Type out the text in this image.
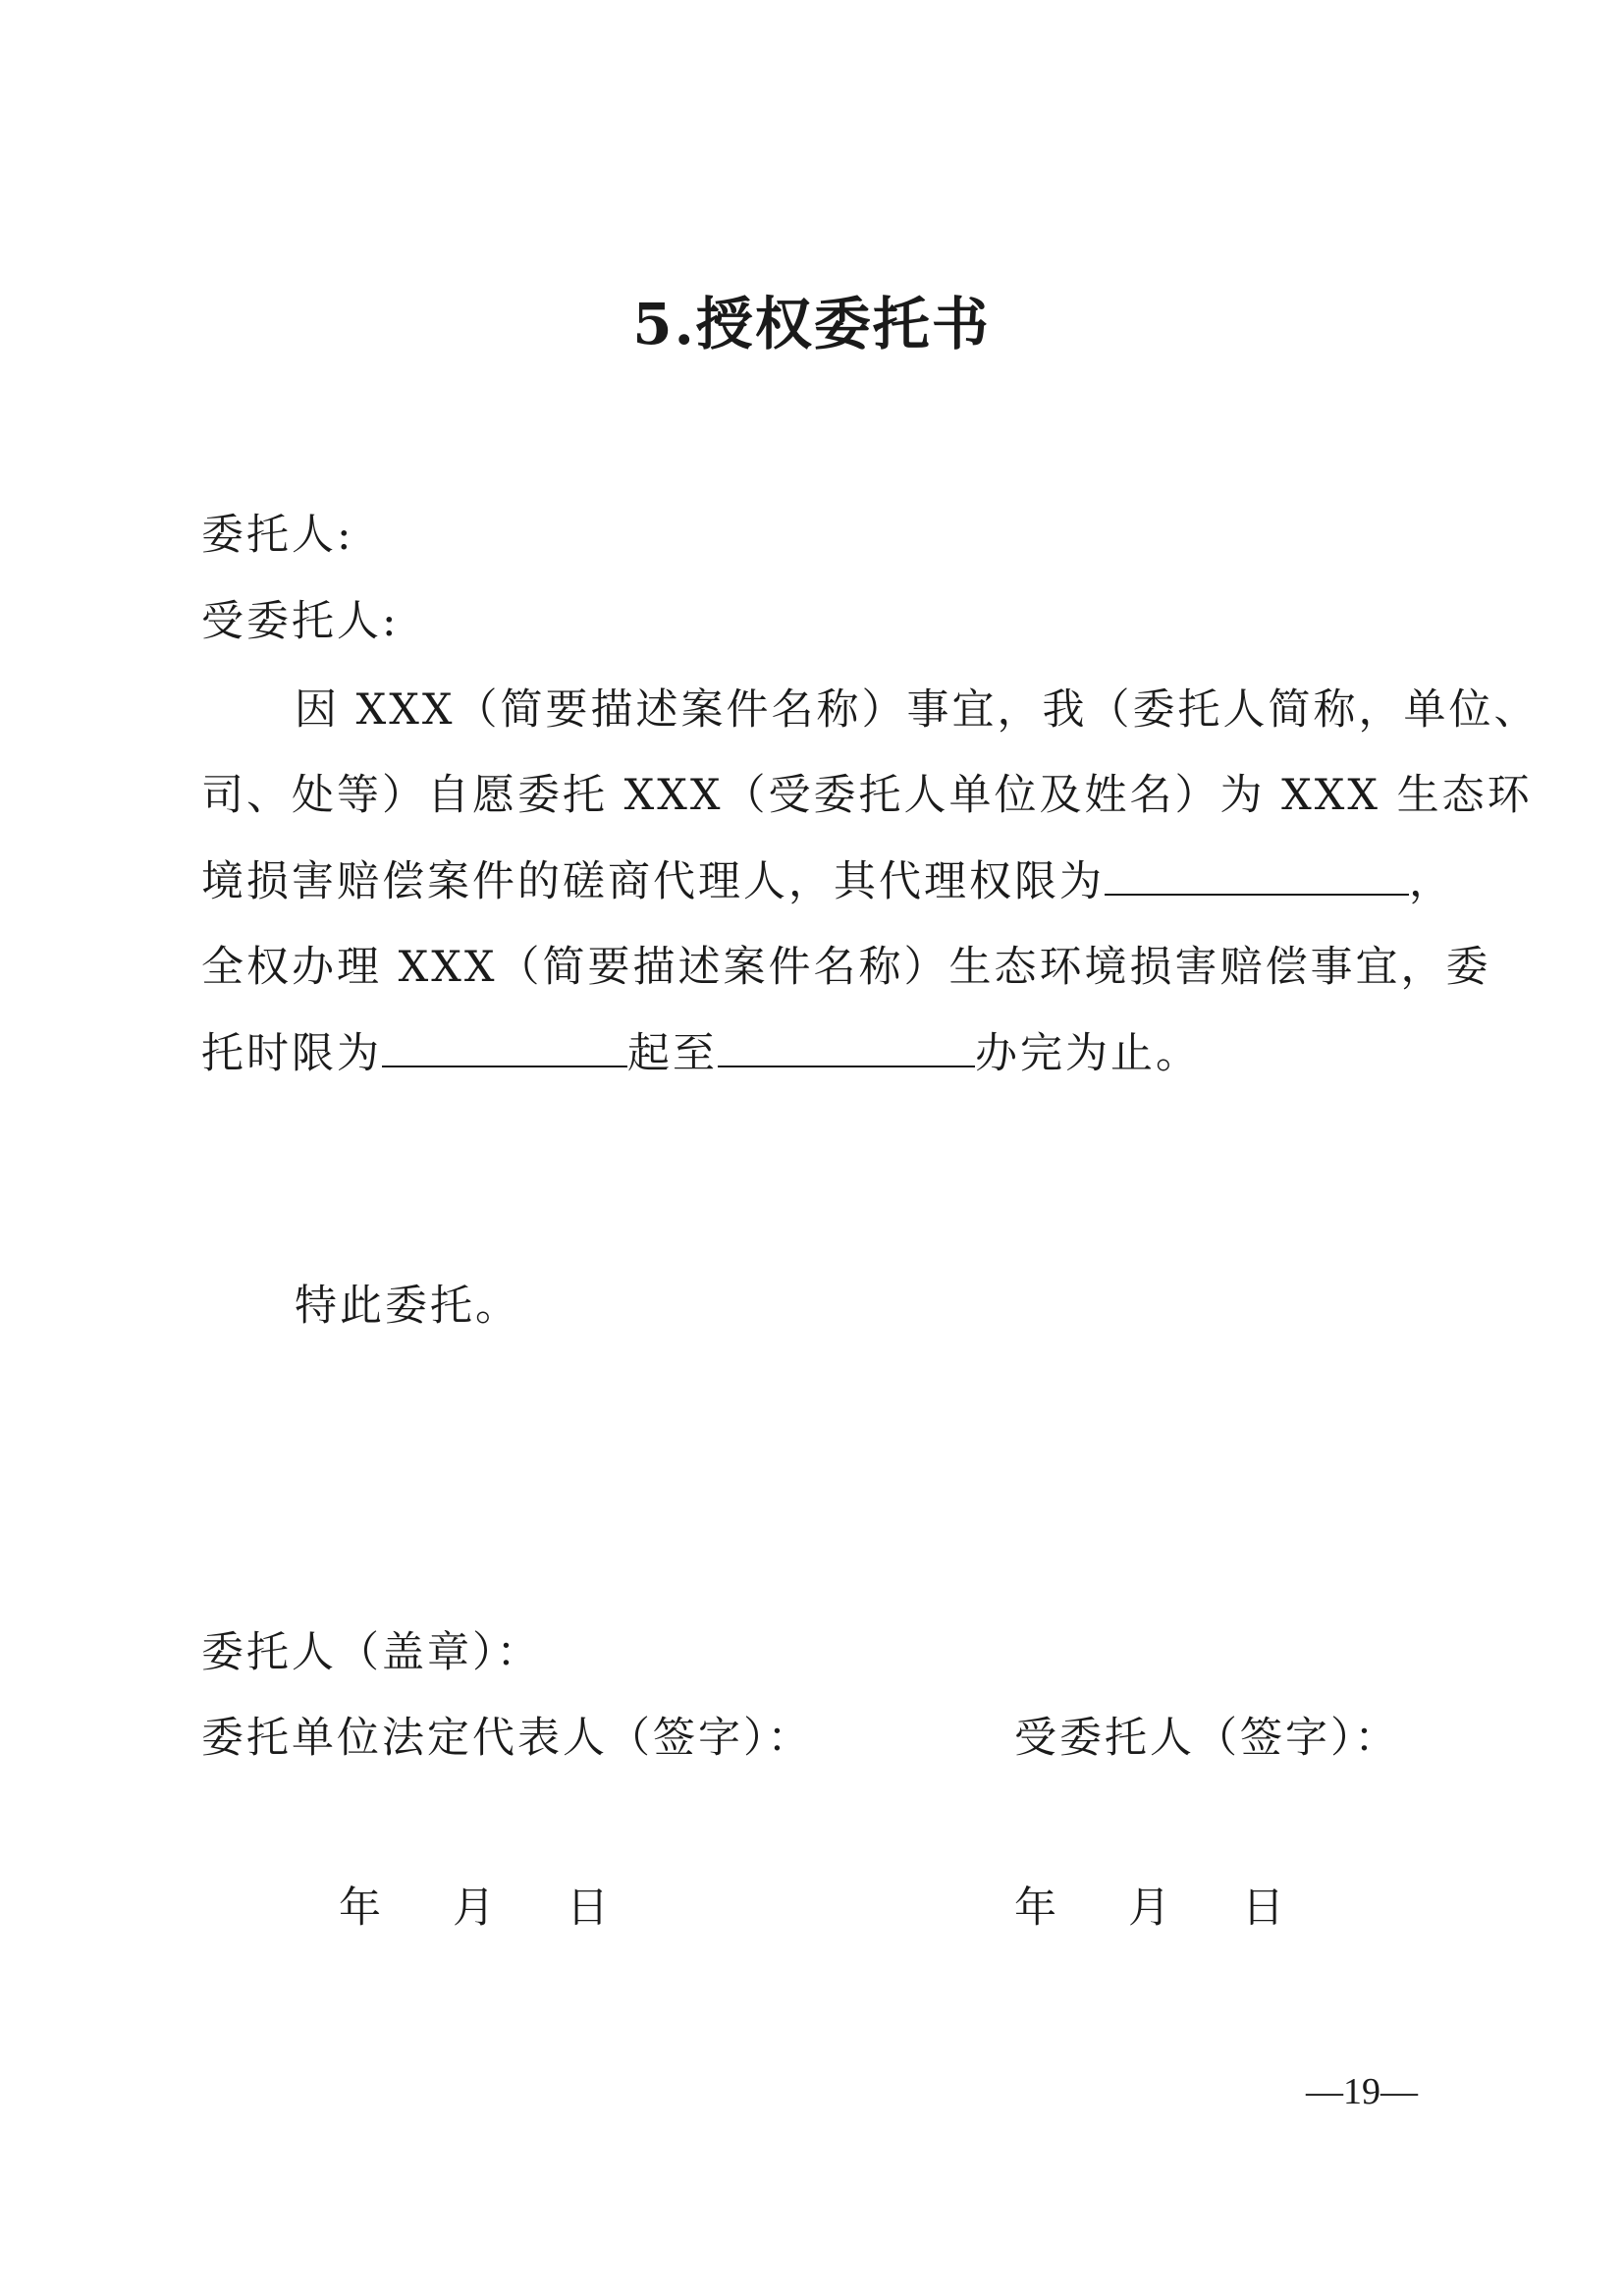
5.授权委托书
委托人:
受委托人:
因 XXX（简要描述案件名称）事宜，我（委托人简称，单位、
司、处等）自愿委托 XXX（受委托人单位及姓名）为 XXX 生态环
境损害赔偿案件的磋商代理人，其代理权限为	，
全权办理 XXX（简要描述案件名称）生态环境损害赔偿事宜，委
托时限为	起至	办完为止。
特此委托。
委托人（盖章）：
委托单位法定代表人（签字）：	受委托人（签字）：
年 月 日	年 月 日
—19—
